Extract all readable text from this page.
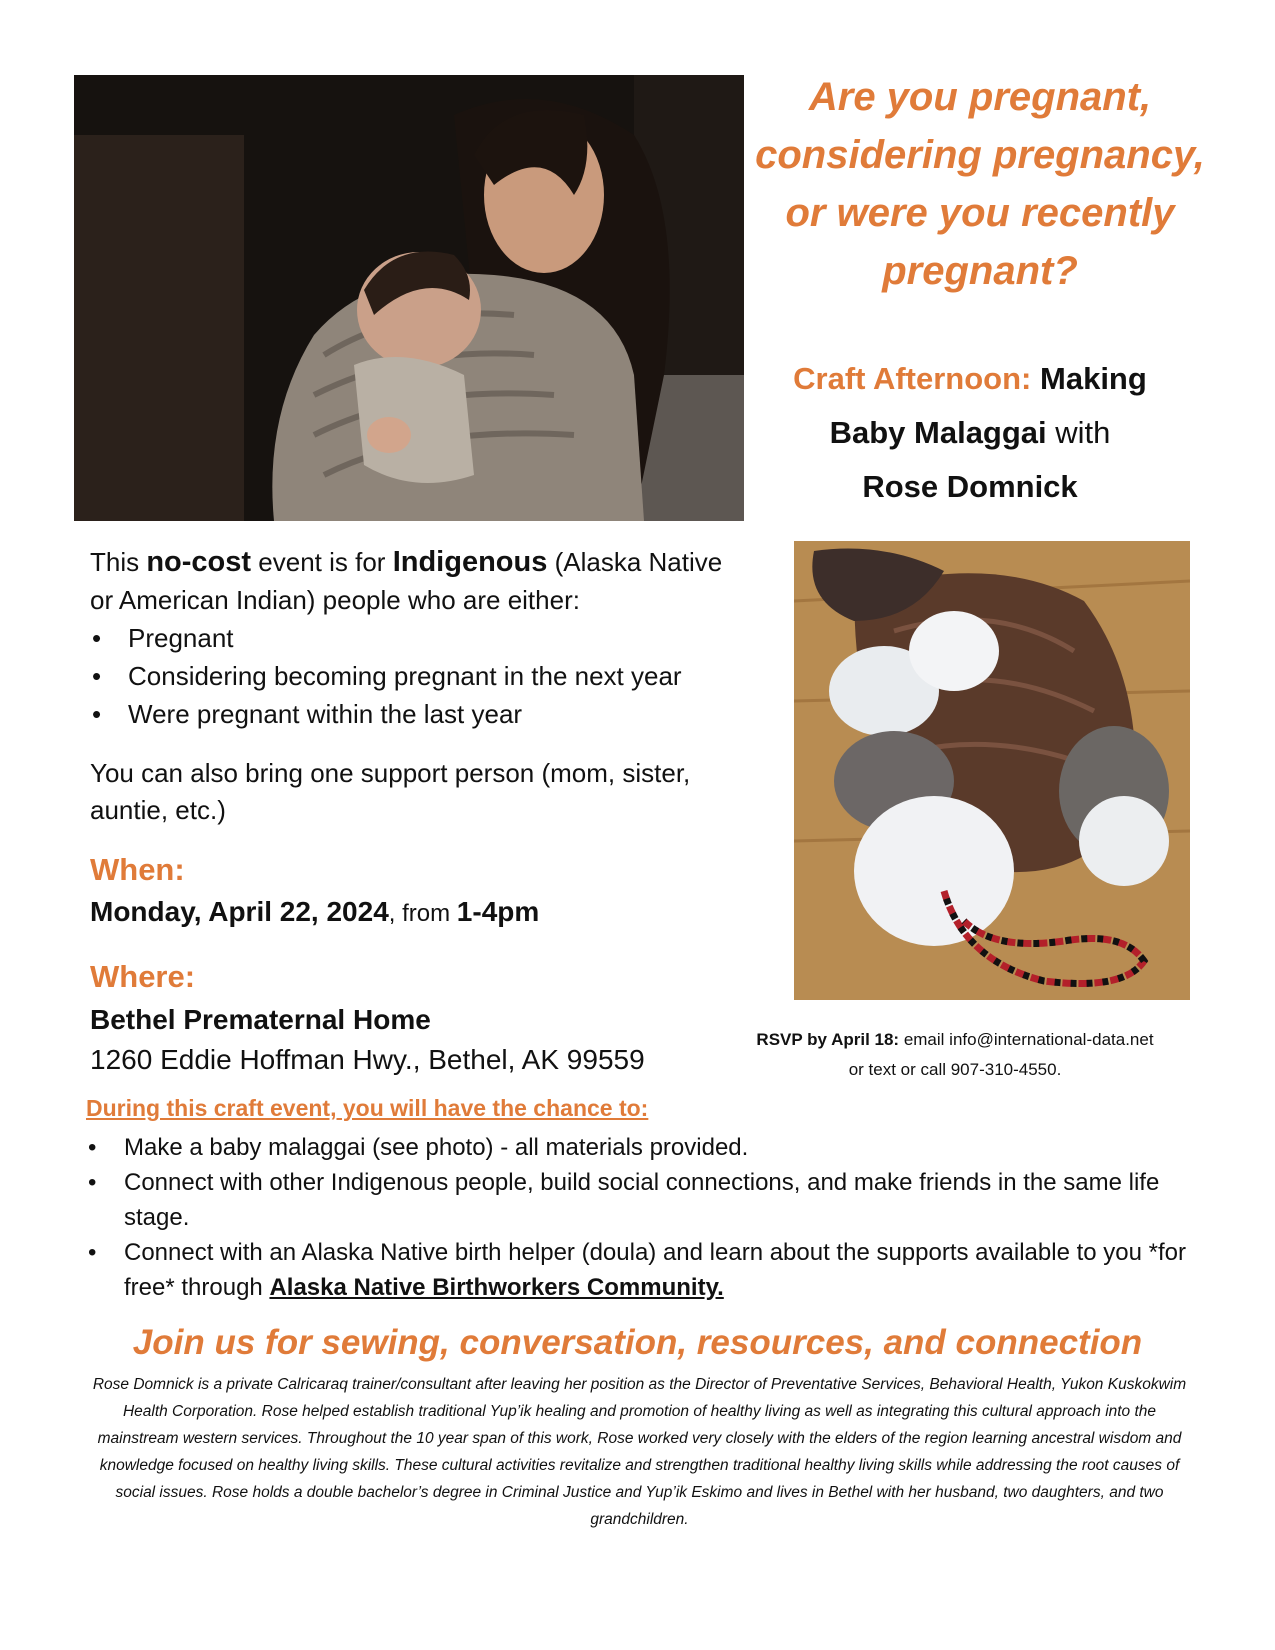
Are you pregnant, considering pregnancy, or were you recently pregnant?
Craft Afternoon: Making
Baby Malaggai with
Rose Domnick
This no-cost event is for Indigenous (Alaska Native or American Indian) people who are either:
• Pregnant
• Considering becoming pregnant in the next year
• Were pregnant within the last year
You can also bring one support person (mom, sister, auntie, etc.)
When:
Monday, April 22, 2024, from 1-4pm
Where:
Bethel Prematernal Home
1260 Eddie Hoffman Hwy., Bethel, AK 99559
RSVP by April 18: email info@international-data.net
or text or call 907-310-4550.
During this craft event, you will have the chance to:
• Make a baby malaggai (see photo) - all materials provided.
• Connect with other Indigenous people, build social connections, and make friends in the same life stage.
• Connect with an Alaska Native birth helper (doula) and learn about the supports available to you *for free* through Alaska Native Birthworkers Community.
Join us for sewing, conversation, resources, and connection
Rose Domnick is a private Calricaraq trainer/consultant after leaving her position as the Director of Preventative Services, Behavioral Health, Yukon Kuskokwim Health Corporation. Rose helped establish traditional Yup’ik healing and promotion of healthy living as well as integrating this cultural approach into the mainstream western services. Throughout the 10 year span of this work, Rose worked very closely with the elders of the region learning ancestral wisdom and knowledge focused on healthy living skills. These cultural activities revitalize and strengthen traditional healthy living skills while addressing the root causes of social issues. Rose holds a double bachelor’s degree in Criminal Justice and Yup’ik Eskimo and lives in Bethel with her husband, two daughters, and two grandchildren.
